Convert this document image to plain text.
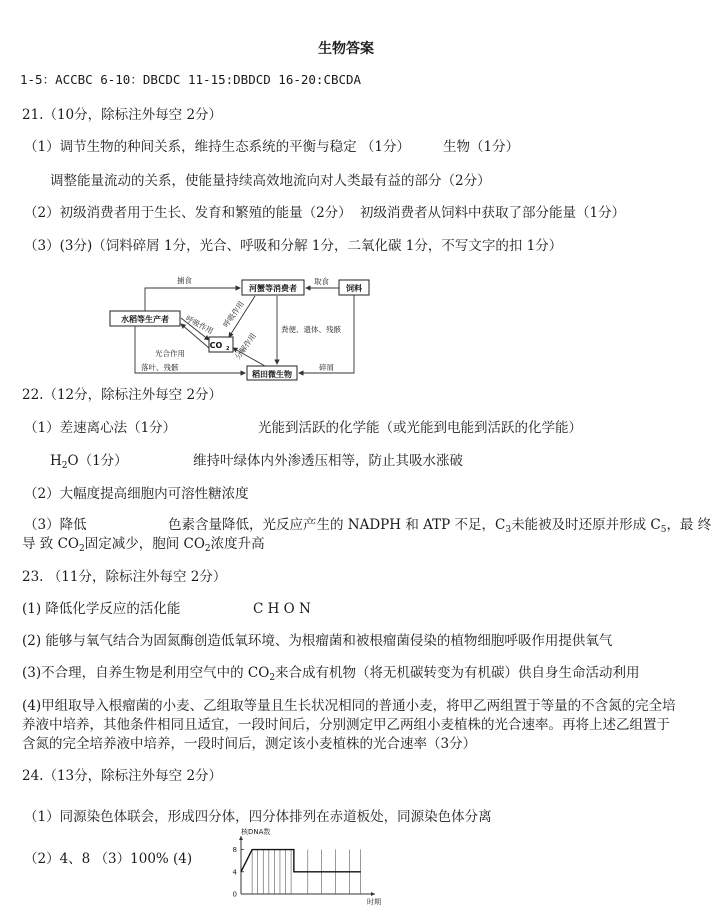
生物答案
1-5：ACCBC 6-10：DBCDC 11-15:DBDCD 16-20:CBCDA
21.（10分，除标注外每空 2分）
（1）调节生物的种间关系，维持生态系统的平衡与稳定 （1分） 生物（1分）
调整能量流动的关系，使能量持续高效地流向对人类最有益的部分（2分）
（2）初级消费者用于生长、发育和繁殖的能量（2分） 初级消费者从饲料中获取了部分能量（1分）
（3）(3分)（饲料碎屑 1分，光合、呼吸和分解 1分，二氧化碳 1分，不写文字的扣 1分）
水稻等生产者
河蟹等消费者	饲料
CO 2
稻田微生物
捕食	取食
呼吸作用 呼吸作用
分解作用
光合作用
落叶、残骸
粪便、遗体、残骸
碎屑
22.（12分，除标注外每空 2分）
（1）差速离心法（1分）	光能到活跃的化学能（或光能到电能到活跃的化学能）
$H_2O(1$分）	维持叶绿体内外渗透压相等，防止其吸水涨破
（2）大幅度提高细胞内可溶性糖浓度
（3）降低	色素含量降低，光反应产生的 NADPH 和 ATP 不足，$C_3$未能被及时还原并形成 $C_5$，最 终
导 致 $CO_2$固定减少，胞间 $CO_2$浓度升高
23. （11分，除标注外每空 2分）
(1) 降低化学反应的活化能	C H O N
(2) 能够与氧气结合为固氮酶创造低氧环境、为根瘤菌和被根瘤菌侵染的植物细胞呼吸作用提供氧气
(3)不合理，自养生物是利用空气中的 $CO_2$来合成有机物（将无机碳转变为有机碳）供自身生命活动利用
(4)甲组取导入根瘤菌的小麦、乙组取等量且生长状况相同的普通小麦，将甲乙两组置于等量的不含氮的完全培
养液中培养，其他条件相同且适宜，一段时间后，分别测定甲乙两组小麦植株的光合速率。再将上述乙组置于
含氮的完全培养液中培养，一段时间后，测定该小麦植株的光合速率（3分）
24.（13分，除标注外每空 2分）
（1）同源染色体联会，形成四分体，四分体排列在赤道板处，同源染色体分离
（2）4、8 （3）100% (4)
核DNA数
时期
0
4
8
